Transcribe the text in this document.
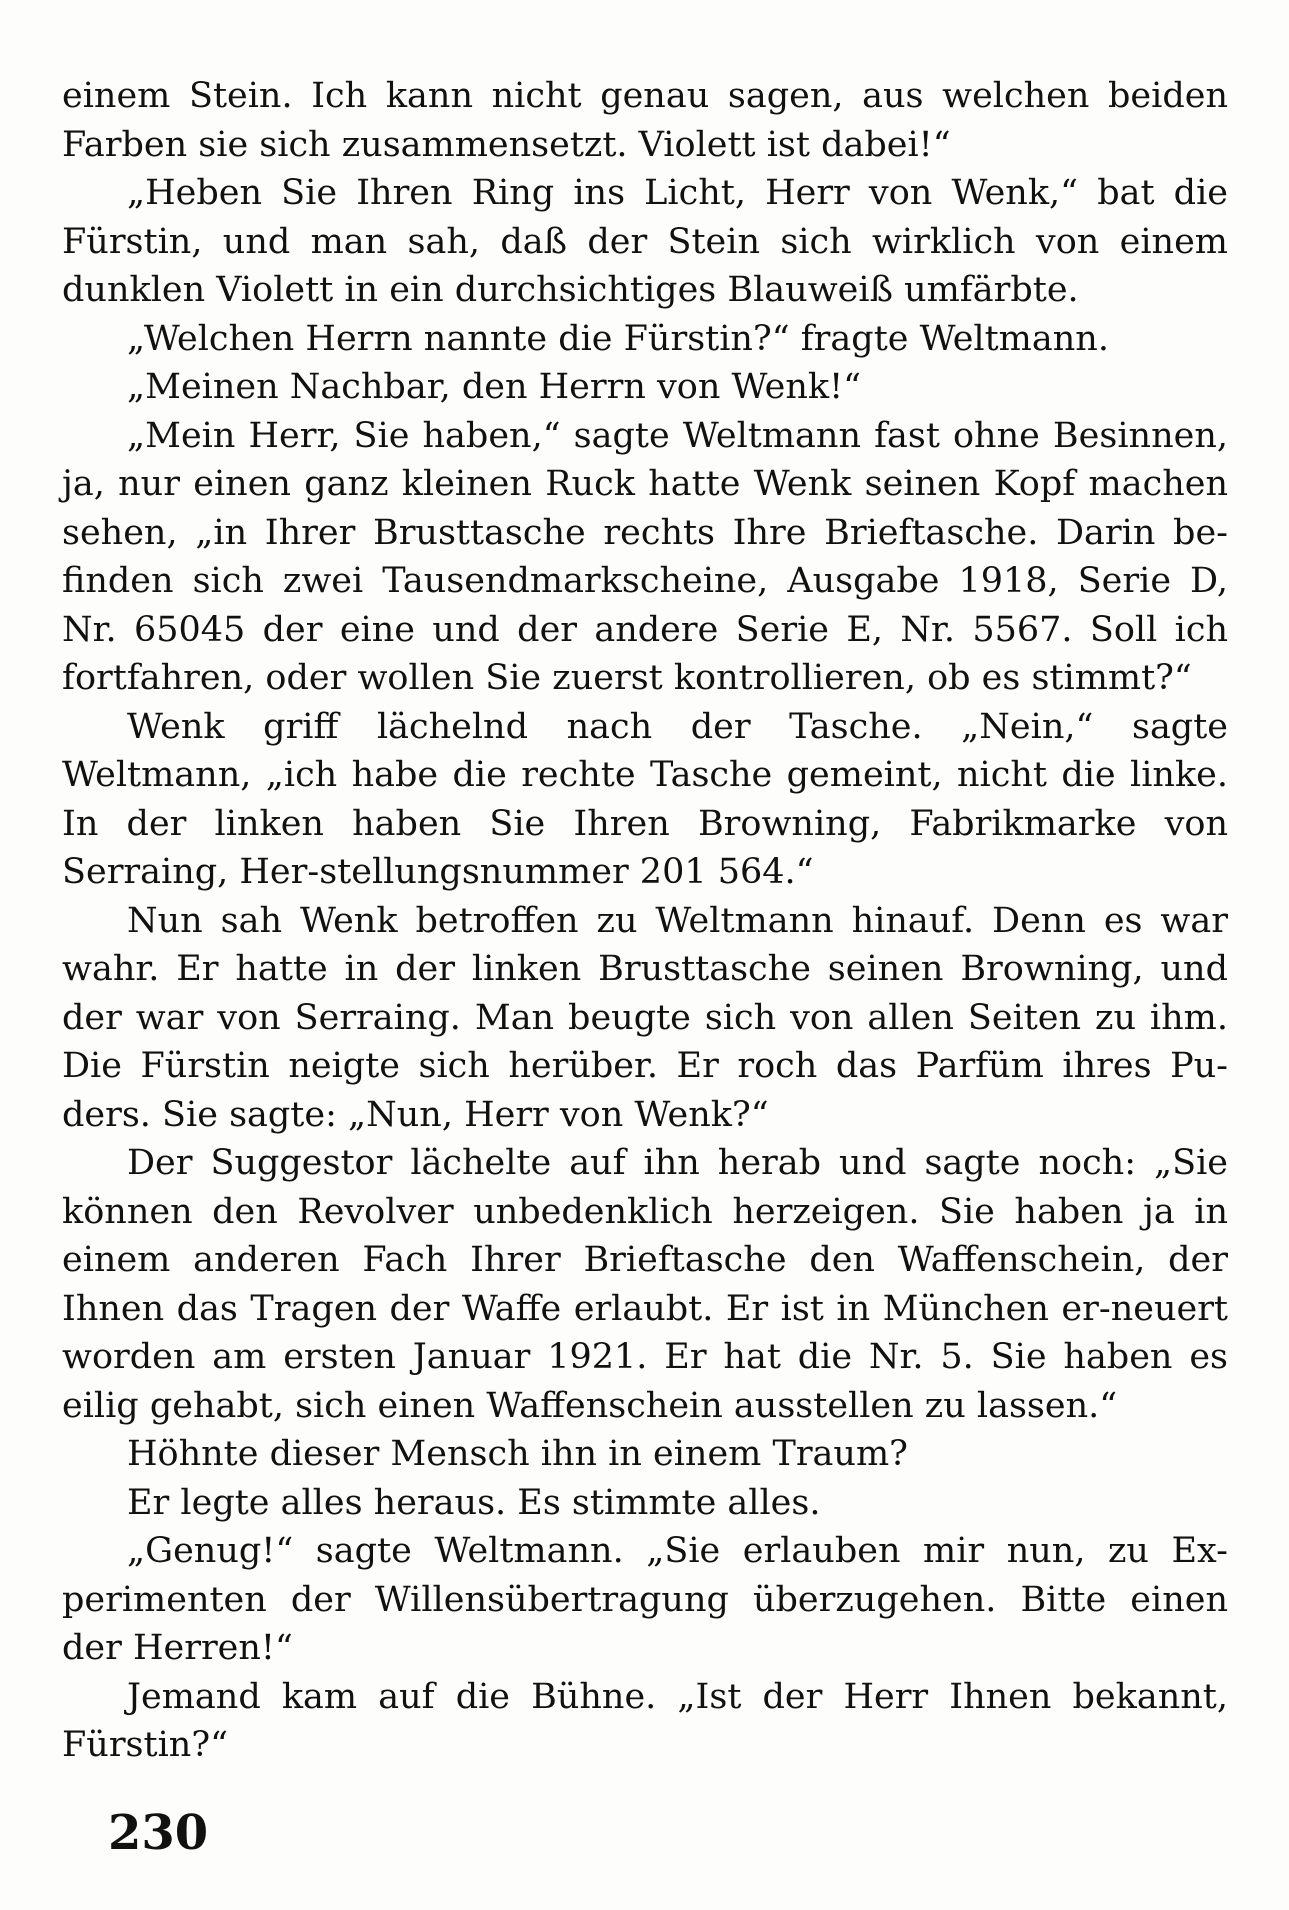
einem Stein. Ich kann nicht genau sagen, aus welchen beiden Farben sie sich zusammensetzt. Violett ist dabei!“

„Heben Sie Ihren Ring ins Licht, Herr von Wenk,“ bat die Fürstin, und man sah, daß der Stein sich wirklich von einem dunklen Violett in ein durchsichtiges Blauweiß umfärbte.

„Welchen Herrn nannte die Fürstin?“ fragte Weltmann.

„Meinen Nachbar, den Herrn von Wenk!“

„Mein Herr, Sie haben,“ sagte Weltmann fast ohne Besinnen, ja, nur einen ganz kleinen Ruck hatte Wenk seinen Kopf machen sehen, „in Ihrer Brusttasche rechts Ihre Brieftasche. Darin be-finden sich zwei Tausendmarkscheine, Ausgabe 1918, Serie D, Nr. 65045 der eine und der andere Serie E, Nr. 5567. Soll ich fortfahren, oder wollen Sie zuerst kontrollieren, ob es stimmt?“

Wenk griff lächelnd nach der Tasche. „Nein,“ sagte Weltmann, „ich habe die rechte Tasche gemeint, nicht die linke. In der linken haben Sie Ihren Browning, Fabrikmarke von Serraing, Her-stellungsnummer 201 564.“

Nun sah Wenk betroffen zu Weltmann hinauf. Denn es war wahr. Er hatte in der linken Brusttasche seinen Browning, und der war von Serraing. Man beugte sich von allen Seiten zu ihm. Die Fürstin neigte sich herüber. Er roch das Parfüm ihres Pu-ders. Sie sagte: „Nun, Herr von Wenk?“

Der Suggestor lächelte auf ihn herab und sagte noch: „Sie können den Revolver unbedenklich herzeigen. Sie haben ja in einem anderen Fach Ihrer Brieftasche den Waffenschein, der Ihnen das Tragen der Waffe erlaubt. Er ist in München er-neuert worden am ersten Januar 1921. Er hat die Nr. 5. Sie haben es eilig gehabt, sich einen Waffenschein ausstellen zu lassen.“

Höhnte dieser Mensch ihn in einem Traum?

Er legte alles heraus. Es stimmte alles.

„Genug!“ sagte Weltmann. „Sie erlauben mir nun, zu Ex-perimenten der Willensübertragung überzugehen. Bitte einen der Herren!“

Jemand kam auf die Bühne. „Ist der Herr Ihnen bekannt, Fürstin?“

230
